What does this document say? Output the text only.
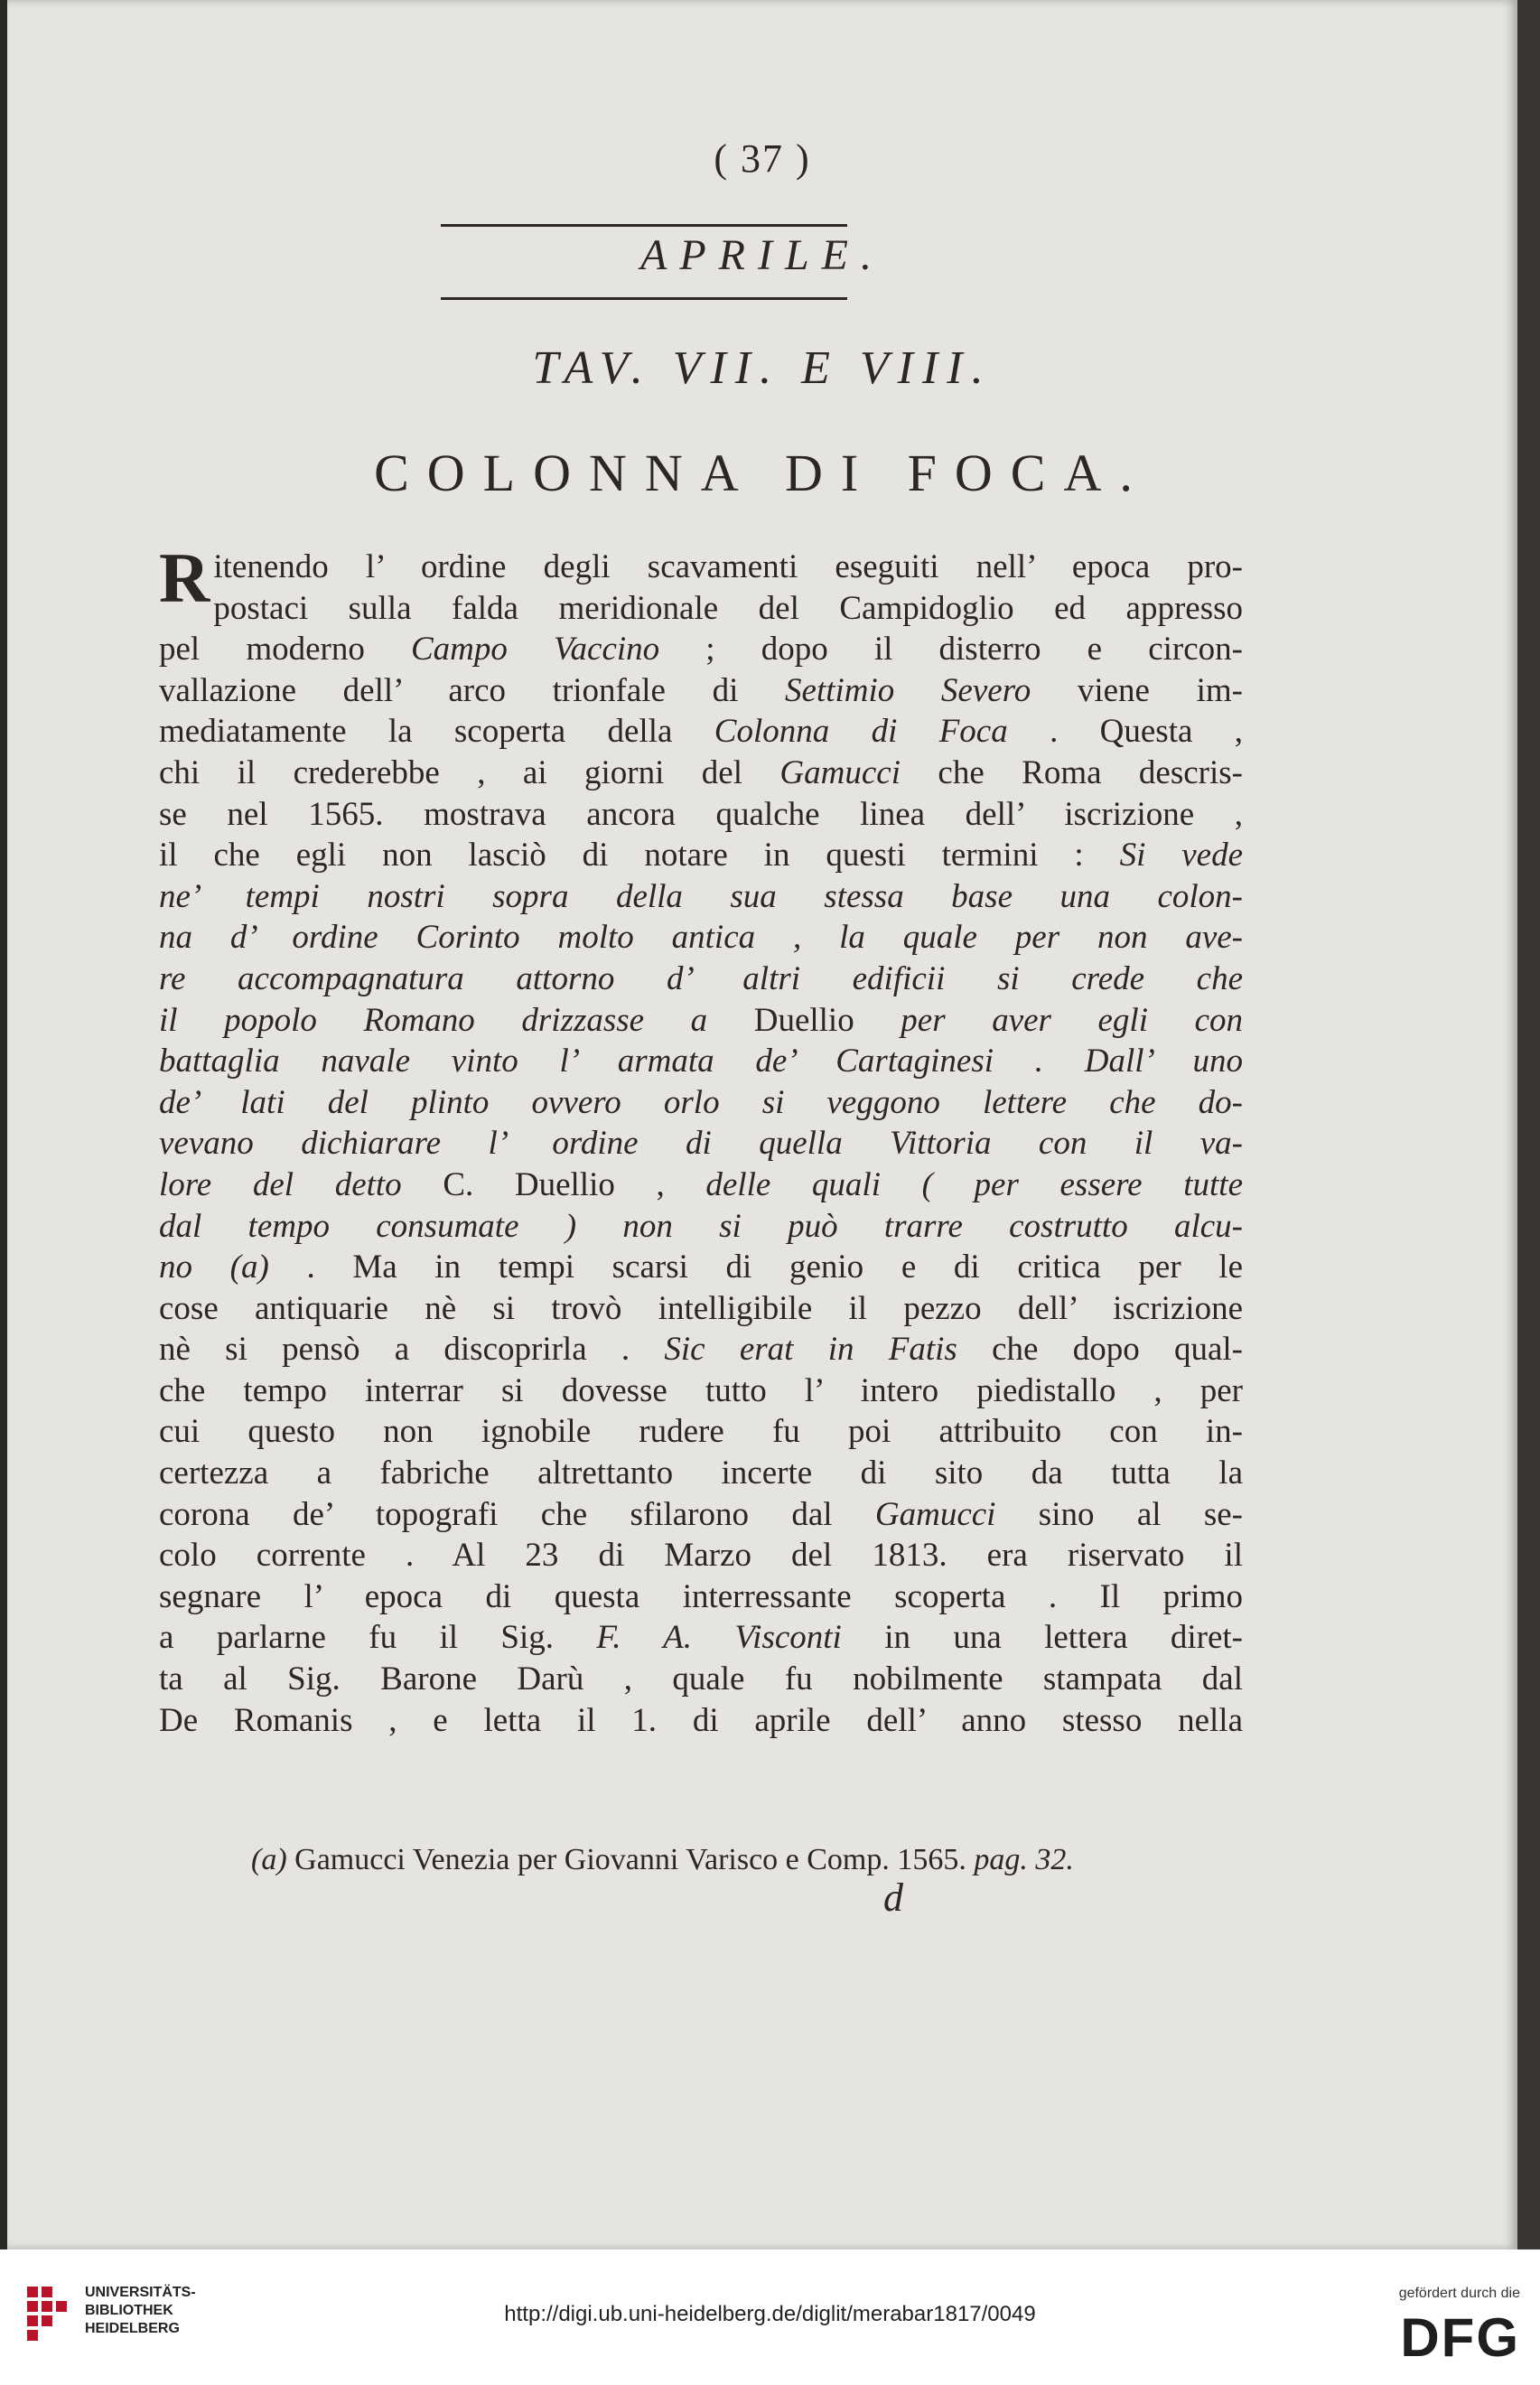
( 37 )
APRILE.
TAV. VII. E VIII.
COLONNA DI FOCA.
R itenendo l’ ordine degli scavamenti eseguiti nell’ epoca pro-
postaci sulla falda meridionale del Campidoglio ed appresso
pel moderno Campo Vaccino ; dopo il disterro e circon-
vallazione dell’ arco trionfale di Settimio Severo viene im-
mediatamente la scoperta della Colonna di Foca . Questa ,
chi il crederebbe , ai giorni del Gamucci che Roma descris-
se nel 1565. mostrava ancora qualche linea dell’ iscrizione ,
il che egli non lasciò di notare in questi termini : Si vede
ne’ tempi nostri sopra della sua stessa base una colon-
na d’ ordine Corinto molto antica , la quale per non ave-
re accompagnatura attorno d’ altri edificii si crede che
il popolo Romano drizzasse a Duellio per aver egli con
battaglia navale vinto l’ armata de’ Cartaginesi . Dall’ uno
de’ lati del plinto ovvero orlo si veggono lettere che do-
vevano dichiarare l’ ordine di quella Vittoria con il va-
lore del detto C. Duellio , delle quali ( per essere tutte
dal tempo consumate ) non si può trarre costrutto alcu-
no (a) . Ma in tempi scarsi di genio e di critica per le
cose antiquarie nè si trovò intelligibile il pezzo dell’ iscrizione
nè si pensò a discoprirla . Sic erat in Fatis che dopo qual-
che tempo interrar si dovesse tutto l’ intero piedistallo , per
cui questo non ignobile rudere fu poi attribuito con in-
certezza a fabriche altrettanto incerte di sito da tutta la
corona de’ topografi che sfilarono dal Gamucci sino al se-
colo corrente . Al 23 di Marzo del 1813. era riservato il
segnare l’ epoca di questa interressante scoperta . Il primo
a parlarne fu il Sig. F. A. Visconti in una lettera diret-
ta al Sig. Barone Darù , quale fu nobilmente stampata dal
De Romanis , e letta il 1. di aprile dell’ anno stesso nella
(a) Gamucci Venezia per Giovanni Varisco e Comp. 1565. pag. 32.
d
UNIVERSITÄTS-
BIBLIOTHEK
HEIDELBERG
http://digi.ub.uni-heidelberg.de/diglit/merabar1817/0049
gefördert durch die
DFG
